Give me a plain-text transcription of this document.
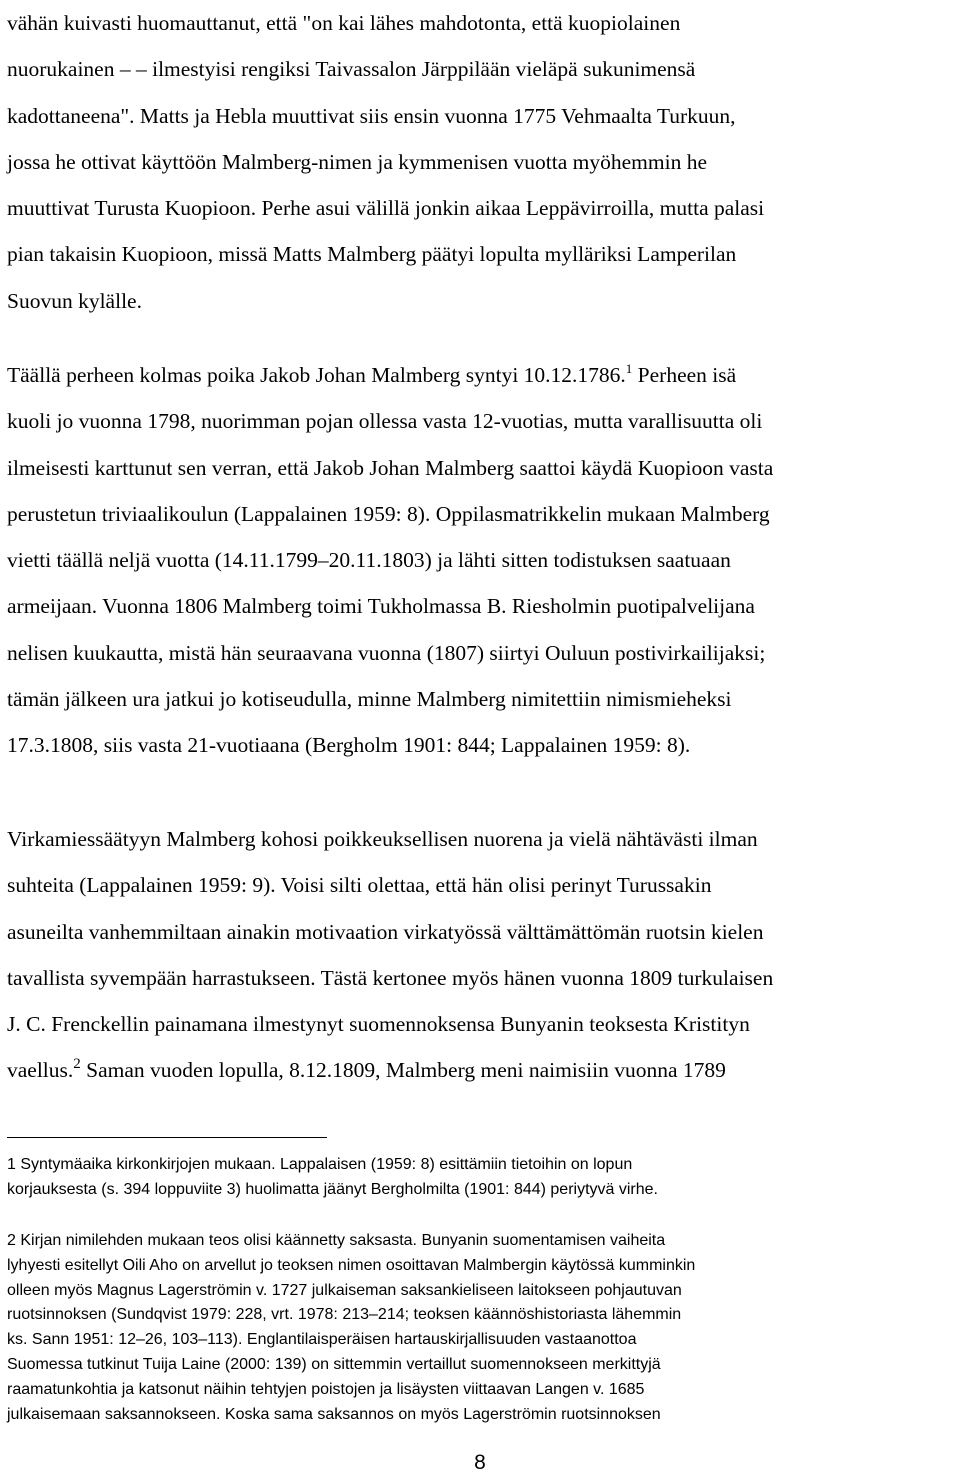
vähän kuivasti huomauttanut, että "on kai lähes mahdotonta, että kuopiolainen
nuorukainen – – ilmestyisi rengiksi Taivassalon Järppilään vieläpä sukunimensä
kadottaneena". Matts ja Hebla muuttivat siis ensin vuonna 1775 Vehmaalta Turkuun,
jossa he ottivat käyttöön Malmberg-nimen ja kymmenisen vuotta myöhemmin he
muuttivat Turusta Kuopioon. Perhe asui välillä jonkin aikaa Leppävirroilla, mutta palasi
pian takaisin Kuopioon, missä Matts Malmberg päätyi lopulta mylläriksi Lamperilan
Suovun kylälle.
Täällä perheen kolmas poika Jakob Johan Malmberg syntyi 10.12.1786.$^1$ Perheen isä
kuoli jo vuonna 1798, nuorimman pojan ollessa vasta 12-vuotias, mutta varallisuutta oli
ilmeisesti karttunut sen verran, että Jakob Johan Malmberg saattoi käydä Kuopioon vasta
perustetun triviaalikoulun (Lappalainen 1959: 8). Oppilasmatrikkelin mukaan Malmberg
vietti täällä neljä vuotta (14.11.1799–20.11.1803) ja lähti sitten todistuksen saatuaan
armeijaan. Vuonna 1806 Malmberg toimi Tukholmassa B. Riesholmin puotipalvelijana
nelisen kuukautta, mistä hän seuraavana vuonna (1807) siirtyi Ouluun postivirkailijaksi;
tämän jälkeen ura jatkui jo kotiseudulla, minne Malmberg nimitettiin nimismieheksi
17.3.1808, siis vasta 21-vuotiaana (Bergholm 1901: 844; Lappalainen 1959: 8).
Virkamiessäätyyn Malmberg kohosi poikkeuksellisen nuorena ja vielä nähtävästi ilman
suhteita (Lappalainen 1959: 9). Voisi silti olettaa, että hän olisi perinyt Turussakin
asuneilta vanhemmiltaan ainakin motivaation virkatyössä välttämättömän ruotsin kielen
tavallista syvempään harrastukseen. Tästä kertonee myös hänen vuonna 1809 turkulaisen
J. C. Frenckellin painamana ilmestynyt suomennoksensa Bunyanin teoksesta Kristityn
vaellus.$^2$ Saman vuoden lopulla, 8.12.1809, Malmberg meni naimisiin vuonna 1789
1 Syntymäaika kirkonkirjojen mukaan. Lappalaisen (1959: 8) esittämiin tietoihin on lopun
korjauksesta (s. 394 loppuviite 3) huolimatta jäänyt Bergholmilta (1901: 844) periytyvä virhe.
2 Kirjan nimilehden mukaan teos olisi käännetty saksasta. Bunyanin suomentamisen vaiheita
lyhyesti esitellyt Oili Aho on arvellut jo teoksen nimen osoittavan Malmbergin käytössä kumminkin
olleen myös Magnus Lagerströmin v. 1727 julkaiseman saksankieliseen laitokseen pohjautuvan
ruotsinnoksen (Sundqvist 1979: 228, vrt. 1978: 213–214; teoksen käännöshistoriasta lähemmin
ks. Sann 1951: 12–26, 103–113). Englantilaisperäisen hartauskirjallisuuden vastaanottoa
Suomessa tutkinut Tuija Laine (2000: 139) on sittemmin vertaillut suomennokseen merkittyjä
raamatunkohtia ja katsonut näihin tehtyjen poistojen ja lisäysten viittaavan Langen v. 1685
julkaisemaan saksannokseen. Koska sama saksannos on myös Lagerströmin ruotsinnoksen
8
